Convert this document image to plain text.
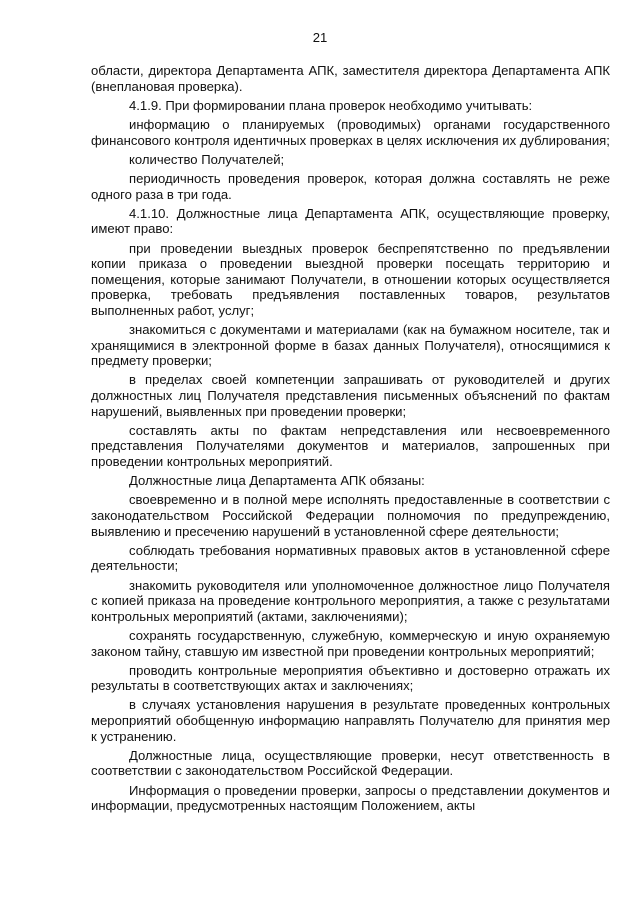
21

области, директора Департамента АПК, заместителя директора Департамента АПК (внеплановая проверка).

4.1.9. При формировании плана проверок необходимо учитывать:

информацию о планируемых (проводимых) органами государственного финансового контроля идентичных проверках в целях исключения их дублирования;

количество Получателей;

периодичность проведения проверок, которая должна составлять не реже одного раза в три года.

4.1.10. Должностные лица Департамента АПК, осуществляющие проверку, имеют право:

при проведении выездных проверок беспрепятственно по предъявлении копии приказа о проведении выездной проверки посещать территорию и помещения, которые занимают Получатели, в отношении которых осуществляется проверка, требовать предъявления поставленных товаров, результатов выполненных работ, услуг;

знакомиться с документами и материалами (как на бумажном носителе, так и хранящимися в электронной форме в базах данных Получателя), относящимися к предмету проверки;

в пределах своей компетенции запрашивать от руководителей и других должностных лиц Получателя представления письменных объяснений по фактам нарушений, выявленных при проведении проверки;

составлять акты по фактам непредставления или несвоевременного представления Получателями документов и материалов, запрошенных при проведении контрольных мероприятий.

Должностные лица Департамента АПК обязаны:

своевременно и в полной мере исполнять предоставленные в соответствии с законодательством Российской Федерации полномочия по предупреждению, выявлению и пресечению нарушений в установленной сфере деятельности;

соблюдать требования нормативных правовых актов в установленной сфере деятельности;

знакомить руководителя или уполномоченное должностное лицо Получателя с копией приказа на проведение контрольного мероприятия, а также с результатами контрольных мероприятий (актами, заключениями);

сохранять государственную, служебную, коммерческую и иную охраняемую законом тайну, ставшую им известной при проведении контрольных мероприятий;

проводить контрольные мероприятия объективно и достоверно отражать их результаты в соответствующих актах и заключениях;

в случаях установления нарушения в результате проведенных контрольных мероприятий обобщенную информацию направлять Получателю для принятия мер к устранению.

Должностные лица, осуществляющие проверки, несут ответственность в соответствии с законодательством Российской Федерации.

Информация о проведении проверки, запросы о представлении документов и информации, предусмотренных настоящим Положением, акты
